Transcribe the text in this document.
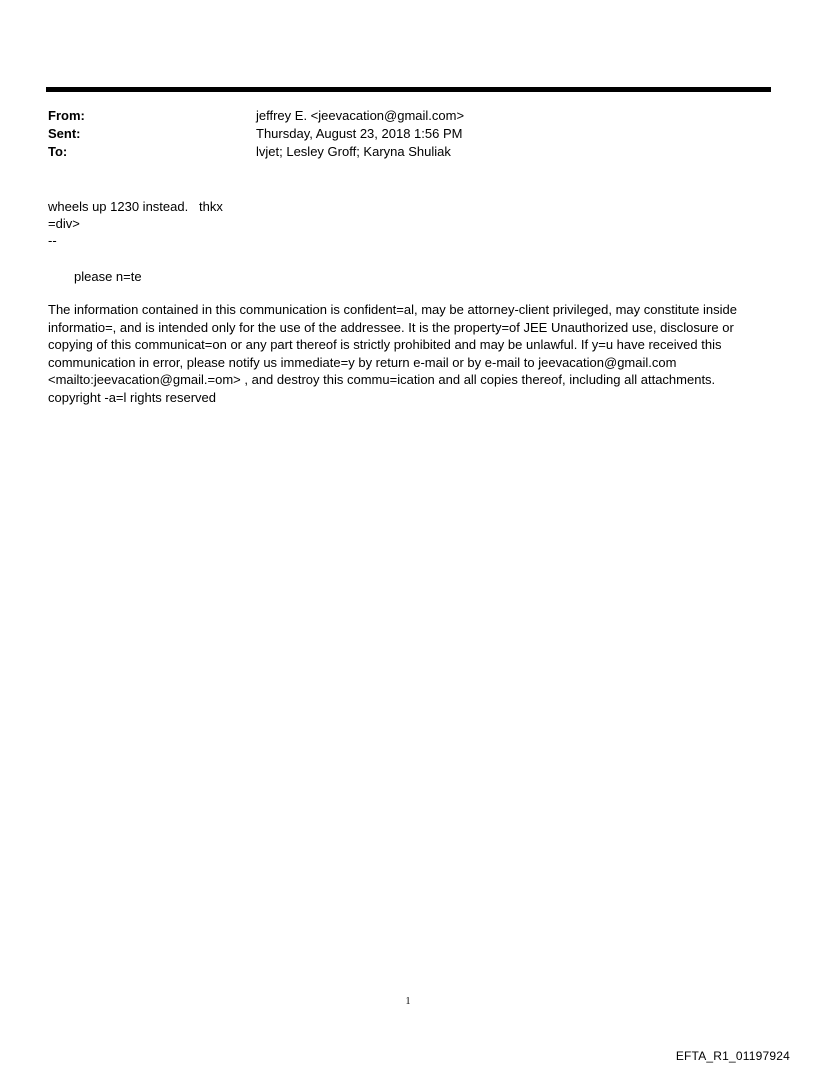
From:	jeffrey E. <jeevacation@gmail.com>
Sent:	Thursday, August 23, 2018 1:56 PM
To:	lvjet; Lesley Groff; Karyna Shuliak
wheels up 1230 instead.   thkx
=div>
--
please n=te
The information contained in this communication is confident=al, may be attorney-client privileged, may constitute inside informatio=, and is intended only for the use of the addressee. It is the property=of JEE Unauthorized use, disclosure or copying of this communicat=on or any part thereof is strictly prohibited and may be unlawful. If y=u have received this communication in error, please notify us immediate=y by return e-mail or by e-mail to jeevacation@gmail.com <mailto:jeevacation@gmail.=om> , and destroy this commu=ication and all copies thereof, including all attachments. copyright -a=l rights reserved
1
EFTA_R1_01197924
